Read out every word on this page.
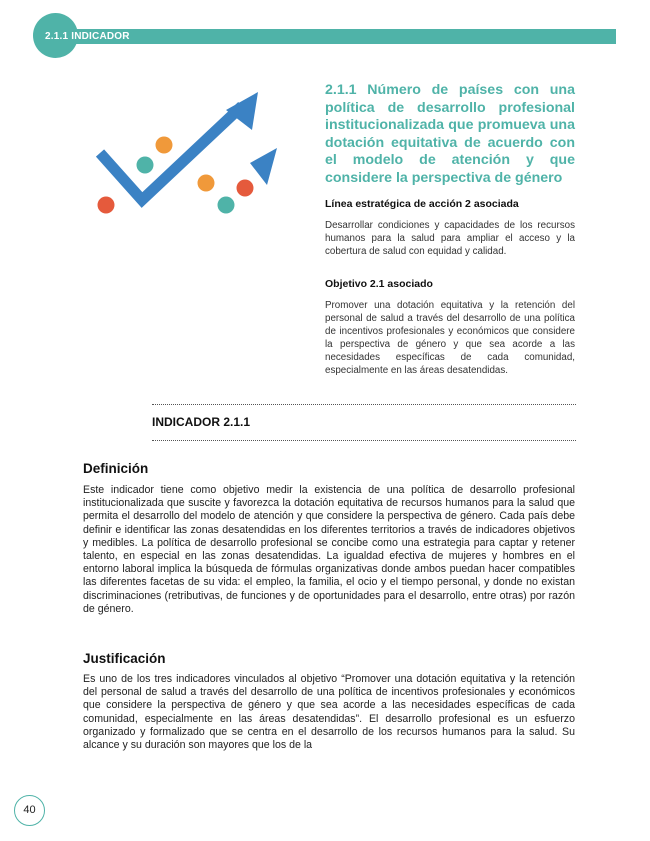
2.1.1 INDICADOR
2.1.1 Número de países con una política de desarrollo profesional institucionalizada que promueva una dotación equitativa de acuerdo con el modelo de atención y que considere la perspectiva de género
Línea estratégica de acción 2 asociada
Desarrollar condiciones y capacidades de los recursos humanos para la salud para ampliar el acceso y la cobertura de salud con equidad y calidad.
Objetivo 2.1 asociado
Promover una dotación equitativa y la retención del personal de salud a través del desarrollo de una política de incentivos profesionales y económicos que considere la perspectiva de género y que sea acorde a las necesidades específicas de cada comunidad, especialmente en las áreas desatendidas.
INDICADOR 2.1.1
Definición
Este indicador tiene como objetivo medir la existencia de una política de desarrollo profesional institucionalizada que suscite y favorezca la dotación equitativa de recursos humanos para la salud que permita el desarrollo del modelo de atención y que considere la perspectiva de género. Cada país debe definir e identificar las zonas desatendidas en los diferentes territorios a través de indicadores objetivos y medibles. La política de desarrollo profesional se concibe como una estrategia para captar y retener talento, en especial en las zonas desatendidas. La igualdad efectiva de mujeres y hombres en el entorno laboral implica la búsqueda de fórmulas organizativas donde ambos puedan hacer compatibles las diferentes facetas de su vida: el empleo, la familia, el ocio y el tiempo personal, y donde no existan discriminaciones (retributivas, de funciones y de oportunidades para el desarrollo, entre otras) por razón de género.
Justificación
Es uno de los tres indicadores vinculados al objetivo “Promover una dotación equitativa y la retención del personal de salud a través del desarrollo de una política de incentivos profesionales y económicos que considere la perspectiva de género y que sea acorde a las necesidades específicas de cada comunidad, especialmente en las áreas desatendidas”. El desarrollo profesional es un esfuerzo organizado y formalizado que se centra en el desarrollo de los recursos humanos para la salud. Su alcance y su duración son mayores que los de la
40
